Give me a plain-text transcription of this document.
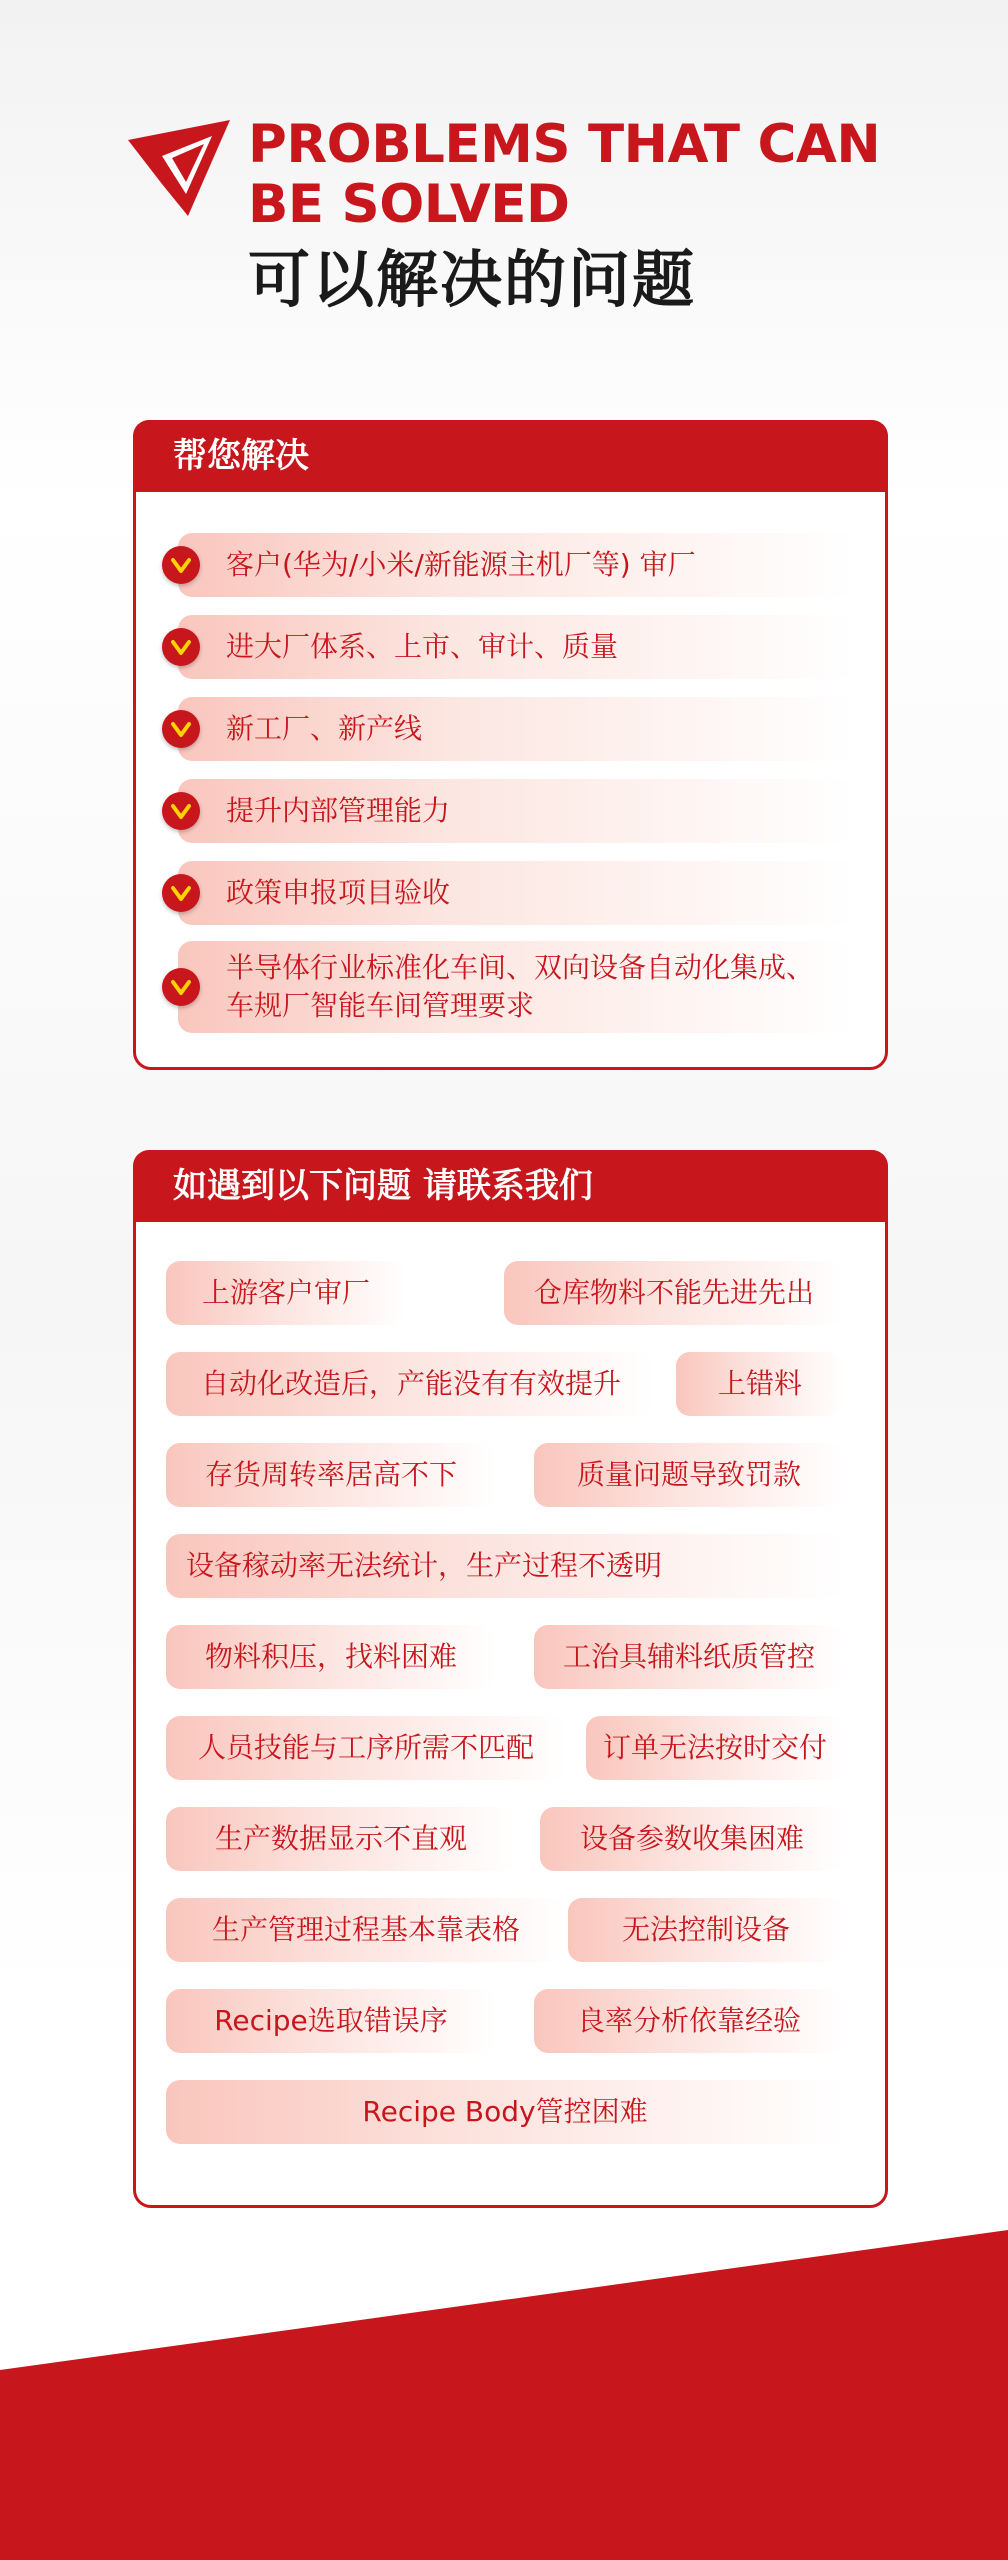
PROBLEMS THAT CAN
BE SOLVED
可以解决的问题
帮您解决
客户(华为/小米/新能源主机厂等) 审厂
进大厂体系、上市、审计、质量
新工厂、新产线
提升内部管理能力
政策申报项目验收
半导体行业标准化车间、双向设备自动化集成、
车规厂智能车间管理要求
如遇到以下问题 请联系我们
上游客户审厂	仓库物料不能先进先出
自动化改造后，产能没有有效提升	上错料
存货周转率居高不下	质量问题导致罚款
设备稼动率无法统计，生产过程不透明
物料积压，找料困难	工治具辅料纸质管控
人员技能与工序所需不匹配	订单无法按时交付
生产数据显示不直观	设备参数收集困难
生产管理过程基本靠表格	无法控制设备
Recipe选取错误序	良率分析依靠经验
Recipe Body管控困难
